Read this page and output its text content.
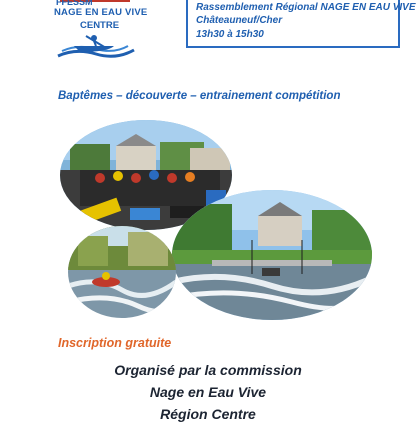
FFESSM
NAGE EN EAU VIVE
CENTRE
Rassemblement Régional NAGE EN EAU VIVE
Châteauneuf/Cher
13h30 à 15h30
Baptêmes – découverte – entrainement compétition
Inscription gratuite
Organisé par la commission
Nage en Eau Vive
Région Centre
